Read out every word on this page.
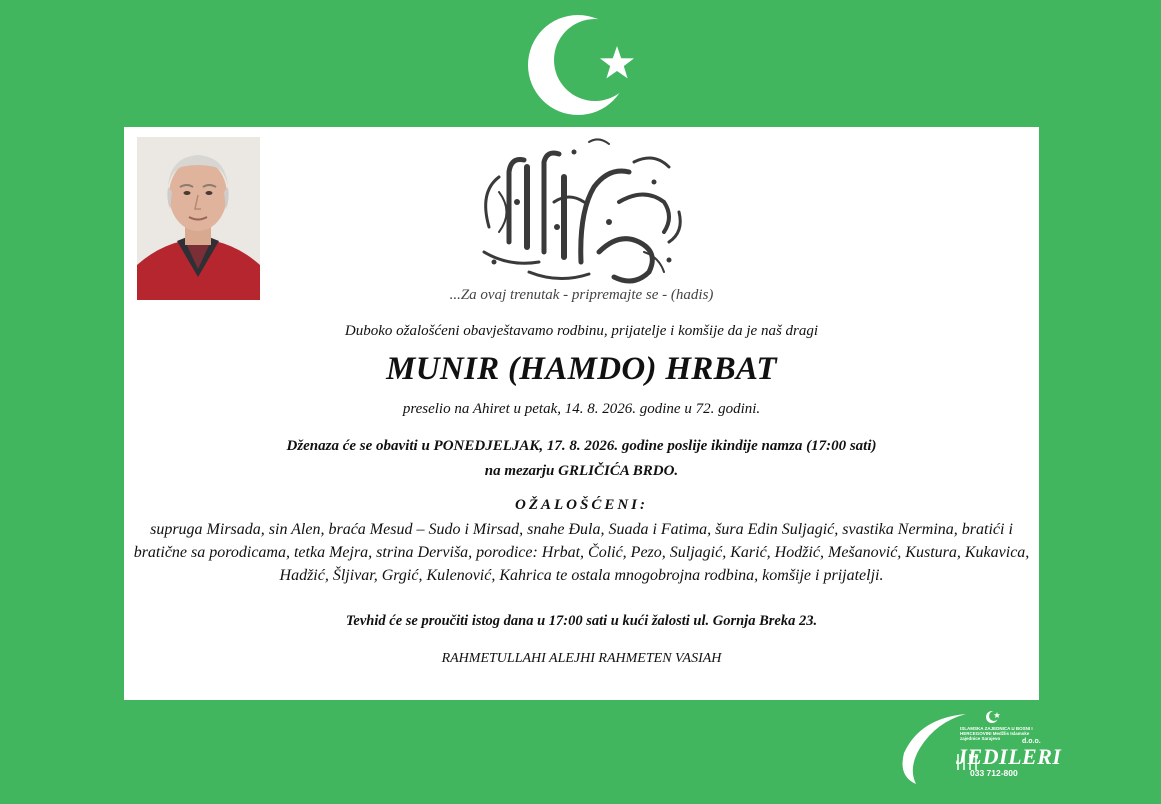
...Za ovaj trenutak - pripremajte se - (hadis)
Duboko ožalošćeni obavještavamo rodbinu, prijatelje i komšije da je naš dragi
MUNIR (HAMDO) HRBAT
preselio na Ahiret u petak, 14. 8. 2026. godine u 72. godini.
Dženaza će se obaviti u PONEDJELJAK, 17. 8. 2026. godine poslije ikindije namza (17:00 sati)
na mezarju GRLIČIĆA BRDO.
OŽALOŠĆENI:
supruga Mirsada, sin Alen, braća Mesud – Sudo i Mirsad, snahe Đula, Suada i Fatima, šura Edin Suljagić, svastika Nermina, bratići i bratične sa porodicama, tetka Mejra, strina Derviša, porodice: Hrbat, Čolić, Pezo, Suljagić, Karić, Hodžić, Mešanović, Kustura, Kukavica, Hadžić, Šljivar, Grgić, Kulenović, Kahrica te ostala mnogobrojna rodbina, komšije i prijatelji.
Tevhid će se proučiti istog dana u 17:00 sati u kući žalosti ul. Gornja Breka 23.
RAHMETULLAHI ALEJHI RAHMETEN VASIAH
ISLAMSKA ZAJEDNICA U BOSNI I HERCEGOVINI Medžlis Islamske zajednice Sarajevo	d.o.o.
JEDILERI
033 712-800
